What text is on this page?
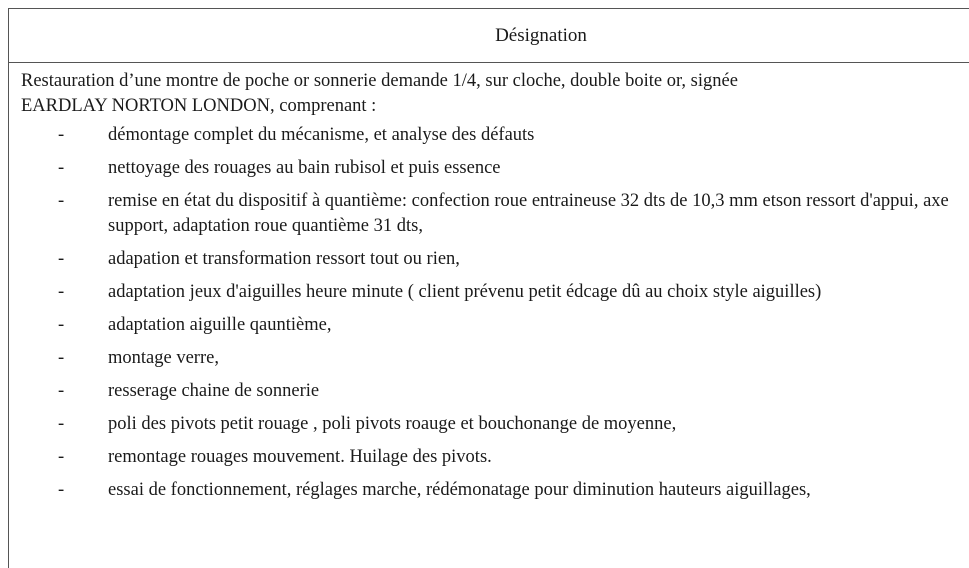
Désignation

Restauration d’une montre de poche or sonnerie demande 1/4, sur cloche, double boite or, signée
EARDLAY NORTON LONDON, comprenant :

-	démontage complet du mécanisme, et analyse des défauts
-	nettoyage des rouages au bain rubisol et puis essence
-	remise en état du dispositif à quantième: confection roue entraineuse 32 dts de 10,3 mm etson ressort d'appui, axe support, adaptation roue quantième 31 dts,
-	adapation et transformation ressort tout ou rien,
-	adaptation jeux d'aiguilles heure minute ( client prévenu petit édcage dû au choix style aiguilles)
-	adaptation aiguille qauntième,
-	montage verre,
-	resserage chaine de sonnerie
-	poli des pivots petit rouage , poli pivots roauge et bouchonange de moyenne,
-	remontage rouages mouvement. Huilage des pivots.
-	essai de fonctionnement, réglages marche, rédémonatage pour diminution hauteurs aiguillages,
